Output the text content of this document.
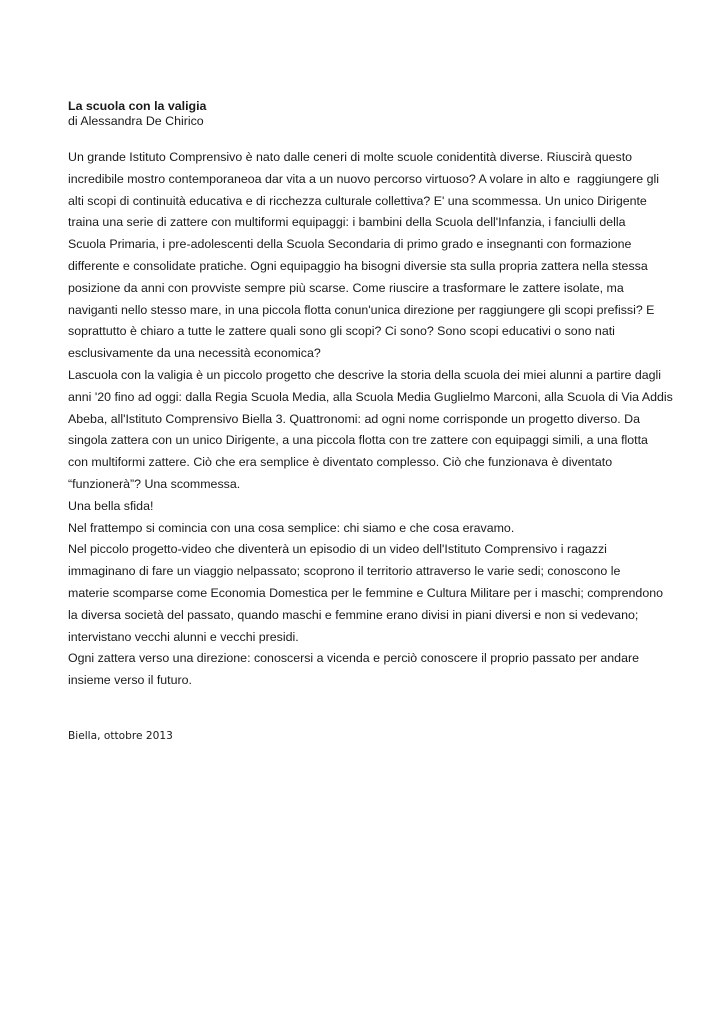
La scuola con la valigia

di Alessandra De Chirico

Un grande Istituto Comprensivo è nato dalle ceneri di molte scuole conidentità diverse. Riuscirà questo
incredibile mostro contemporaneoa dar vita a un nuovo percorso virtuoso? A volare in alto e  raggiungere gli
alti scopi di continuità educativa e di ricchezza culturale collettiva? E' una scommessa. Un unico Dirigente
traina una serie di zattere con multiformi equipaggi: i bambini della Scuola dell'Infanzia, i fanciulli della
Scuola Primaria, i pre-adolescenti della Scuola Secondaria di primo grado e insegnanti con formazione
differente e consolidate pratiche. Ogni equipaggio ha bisogni diversie sta sulla propria zattera nella stessa
posizione da anni con provviste sempre più scarse. Come riuscire a trasformare le zattere isolate, ma
naviganti nello stesso mare, in una piccola flotta conun'unica direzione per raggiungere gli scopi prefissi? E
soprattutto è chiaro a tutte le zattere quali sono gli scopi? Ci sono? Sono scopi educativi o sono nati
esclusivamente da una necessità economica?

Lascuola con la valigia è un piccolo progetto che descrive la storia della scuola dei miei alunni a partire dagli
anni '20 fino ad oggi: dalla Regia Scuola Media, alla Scuola Media Guglielmo Marconi, alla Scuola di Via Addis
Abeba, all'Istituto Comprensivo Biella 3. Quattronomi: ad ogni nome corrisponde un progetto diverso. Da
singola zattera con un unico Dirigente, a una piccola flotta con tre zattere con equipaggi simili, a una flotta
con multiformi zattere. Ciò che era semplice è diventato complesso. Ciò che funzionava è diventato
“funzionerà”? Una scommessa.

Una bella sfida!

Nel frattempo si comincia con una cosa semplice: chi siamo e che cosa eravamo.

Nel piccolo progetto-video che diventerà un episodio di un video dell'Istituto Comprensivo i ragazzi
immaginano di fare un viaggio nelpassato; scoprono il territorio attraverso le varie sedi; conoscono le
materie scomparse come Economia Domestica per le femmine e Cultura Militare per i maschi; comprendono
la diversa società del passato, quando maschi e femmine erano divisi in piani diversi e non si vedevano;
intervistano vecchi alunni e vecchi presidi.

Ogni zattera verso una direzione: conoscersi a vicenda e perciò conoscere il proprio passato per andare
insieme verso il futuro.

Biella, ottobre 2013
